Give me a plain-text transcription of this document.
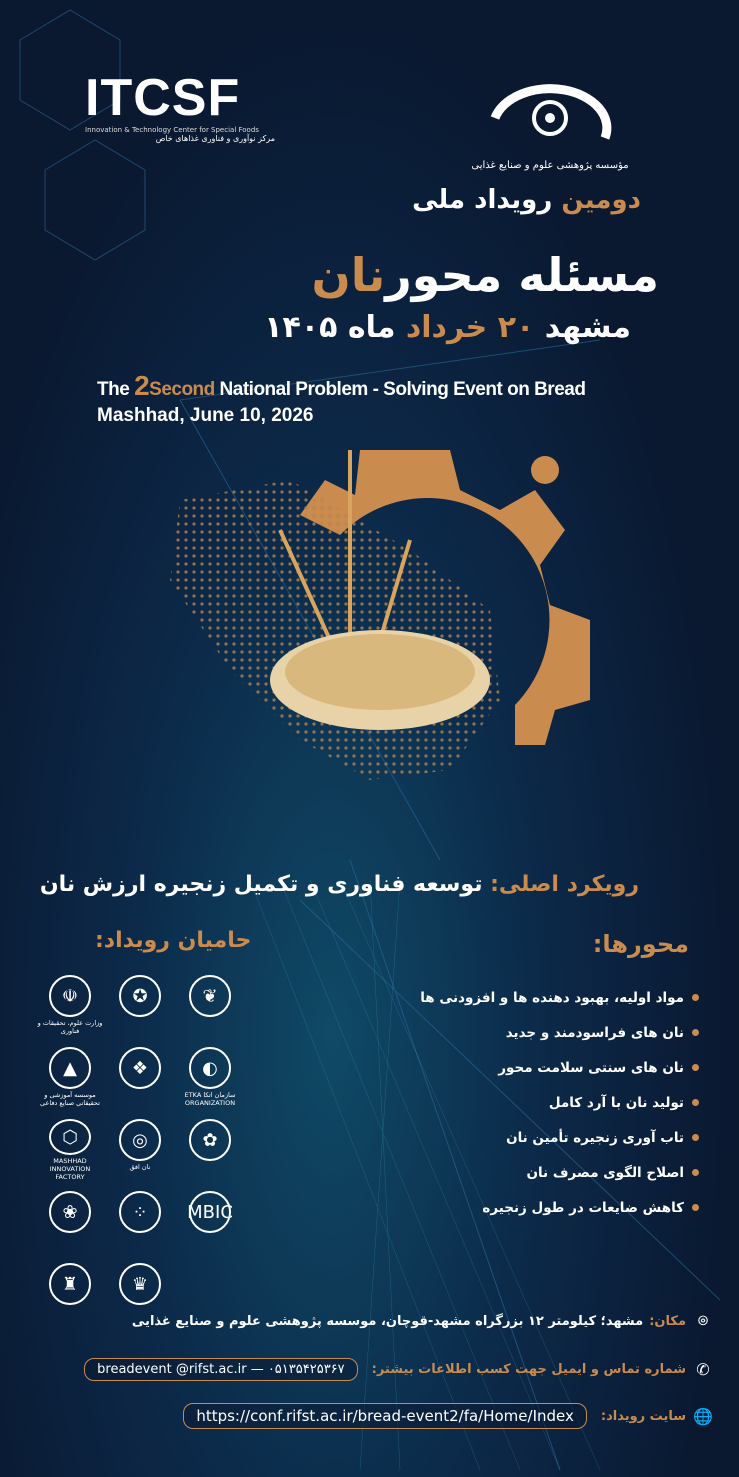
ITCSF
Innovation & Technology Center for Special Foods
مرکز نوآوری و فناوری غذاهای خاص
مؤسسه پژوهشی علوم و صنایع غذایی
دومین رویداد ملی
مسئله محورنان
مشهد ۲۰ خرداد ماه ۱۴۰۵
The 2Second National Problem - Solving Event on Bread
Mashhad, June 10, 2026
رویکرد اصلی: توسعه فناوری و تکمیل زنجیره ارزش نان
محورها:
حامیان رویداد:
مواد اولیه، بهبود دهنده ها و افزودنی ها
نان های فراسودمند و جدید
نان های سنتی سلامت محور
تولید نان با آرد کامل
تاب آوری زنجیره تأمین نان
اصلاح الگوی مصرف نان
کاهش ضایعات در طول زنجیره
☫
وزارت علوم، تحقیقات و فناوری
✪	❦
▲
موسسه آموزشی و تحقیقاتی صنایع دفاعی
❖	◐
سازمان اتکا ETKA ORGANIZATION
⬡
MASHHAD INNOVATION FACTORY
◎
نان افق
✿
❀	⁘	MBIC
♜	♛
⌾
مکان:
مشهد؛ کیلومتر ۱۲ بزرگراه مشهد-قوچان، موسسه پژوهشی علوم و صنایع غذایی
✆
شماره تماس و ایمیل جهت کسب اطلاعات بیشتر:
breadevent @rifst.ac.ir — ۰۵۱۳۵۴۲۵۳۶۷
🌐
سایت رویداد:
https://conf.rifst.ac.ir/bread-event2/fa/Home/Index
